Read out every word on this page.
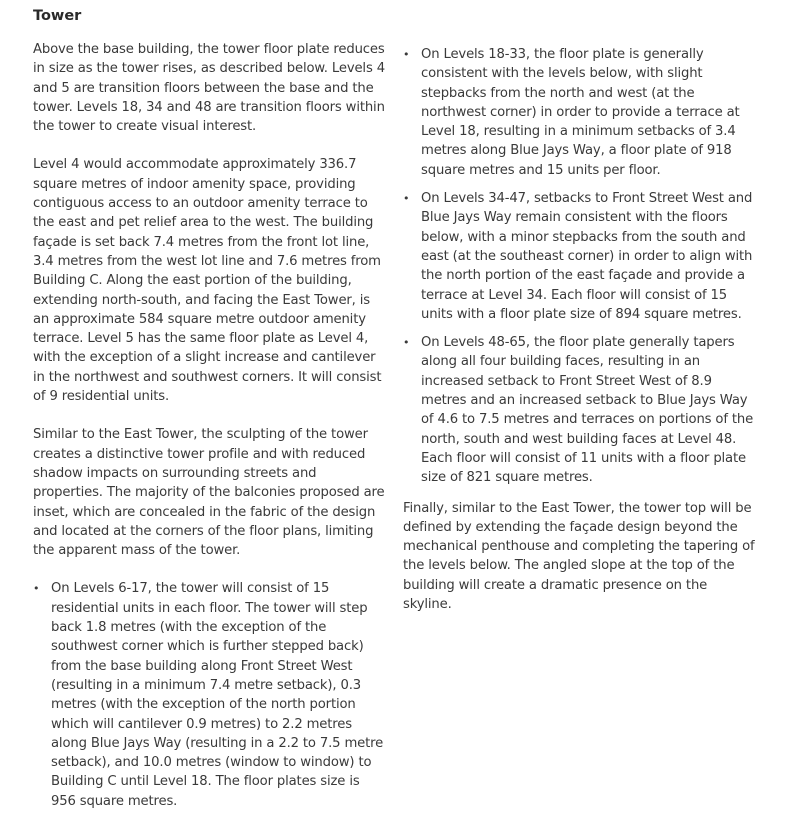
Tower

Above the base building, the tower floor plate reduces in size as the tower rises, as described below. Levels 4 and 5 are transition floors between the base and the tower. Levels 18, 34 and 48 are transition floors within the tower to create visual interest.

Level 4 would accommodate approximately 336.7 square metres of indoor amenity space, providing contiguous access to an outdoor amenity terrace to the east and pet relief area to the west. The building façade is set back 7.4 metres from the front lot line, 3.4 metres from the west lot line and 7.6 metres from Building C. Along the east portion of the building, extending north-south, and facing the East Tower, is an approximate 584 square metre outdoor amenity terrace. Level 5 has the same floor plate as Level 4, with the exception of a slight increase and cantilever in the northwest and southwest corners. It will consist of 9 residential units.

Similar to the East Tower, the sculpting of the tower creates a distinctive tower profile and with reduced shadow impacts on surrounding streets and properties. The majority of the balconies proposed are inset, which are concealed in the fabric of the design and located at the corners of the floor plans, limiting the apparent mass of the tower.

• On Levels 6-17, the tower will consist of 15 residential units in each floor. The tower will step back 1.8 metres (with the exception of the southwest corner which is further stepped back) from the base building along Front Street West (resulting in a minimum 7.4 metre setback), 0.3 metres (with the exception of the north portion which will cantilever 0.9 metres) to 2.2 metres along Blue Jays Way (resulting in a 2.2 to 7.5 metre setback), and 10.0 metres (window to window) to Building C until Level 18. The floor plates size is 956 square metres.
• On Levels 18-33, the floor plate is generally consistent with the levels below, with slight stepbacks from the north and west (at the northwest corner) in order to provide a terrace at Level 18, resulting in a minimum setbacks of 3.4 metres along Blue Jays Way, a floor plate of 918 square metres and 15 units per floor.
• On Levels 34-47, setbacks to Front Street West and Blue Jays Way remain consistent with the floors below, with a minor stepbacks from the south and east (at the southeast corner) in order to align with the north portion of the east façade and provide a terrace at Level 34. Each floor will consist of 15 units with a floor plate size of 894 square metres.
• On Levels 48-65, the floor plate generally tapers along all four building faces, resulting in an increased setback to Front Street West of 8.9 metres and an increased setback to Blue Jays Way of 4.6 to 7.5 metres and terraces on portions of the north, south and west building faces at Level 48. Each floor will consist of 11 units with a floor plate size of 821 square metres.

Finally, similar to the East Tower, the tower top will be defined by extending the façade design beyond the mechanical penthouse and completing the tapering of the levels below. The angled slope at the top of the building will create a dramatic presence on the skyline.
